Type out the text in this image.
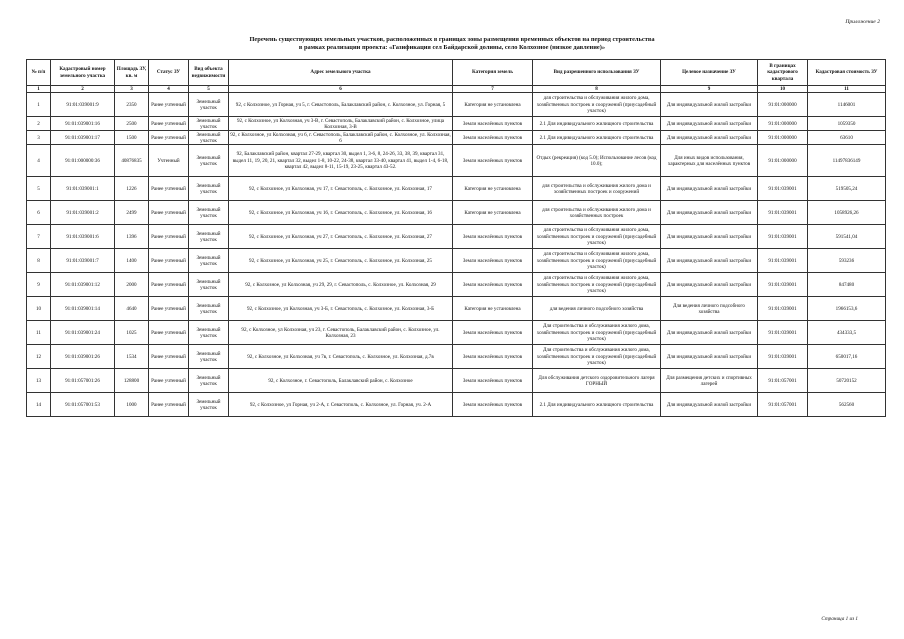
Приложение 2
Перечень существующих земельных участков, расположенных в границах зоны размещения временных объектов на период строительства
в рамках реализации проекта: «Газификация сел Байдарской долины, село Колхозное (низкое давление)»
№ п/п	Кадастровый номер земельного участка	Площадь ЗУ, кв. м	Статус ЗУ	Вид объекта недвижимости	Адрес земельного участка	Категория земель	Вид разрешенного использования ЗУ	Целевое назначение ЗУ	В границах кадастрового квартала	Кадастровая стоимость ЗУ
1	2	3	4	5	6	7	8	9	10	11
1	91:01:039001:9	2350	Ранее учтенный	Земельный участок	92, с Колхозное, ул Горная, уч 5, г. Севастополь, Балаклавский район, с. Колхозное, ул. Горная, 5	Категория не установлена	для строительства и обслуживания жилого дома, хозяйственных построек и сооружений (приусадебный участок)	Для индивидуальной жилой застройки	91:01:000000	1146001
2	91:01:039001:16	2500	Ранее учтенный	Земельный участок	92, с Колхозное, ул Колхозная, уч 3-В, г. Севастополь, Балаклавский район, с. Колхозное, улица Колхозная, 3-В	Земли населённых пунктов	2.1 Для индивидуального жилищного строительства	Для индивидуальной жилой застройки	91:01:000000	1059350
3	91:01:039001:17	1500	Ранее учтенный	Земельный участок	92, с Колхозное, ул Колхозная, уч 6, г. Севастополь, Балаклавский район, с. Колхозное, ул. Колхозная, 6	Земли населённых пунктов	2.1 Для индивидуального жилищного строительства	Для индивидуальной жилой застройки	91:01:000000	63610
4	91:01:000000:36	40876835	Учтенный	Земельный участок	92, Балаклавский район, квартал 27-29, квартал 30, выдел 1, 3-6, 8, 24-26, 33, 38, 39, квартал 31, выдел 11, 19, 20, 21, квартал 32, выдел 1-8, 10-22, 24-38, квартал 33-40, квартал 41, выдел 1-4, 6-18, квартал 42, выдел 8-11, 15-19, 23-25, квартал 43-52.	Земли населённых пунктов	Отдых (рекреация) (код 5.0); Использование лесов (код 10.0);	Для иных видов использования, характерных для населённых пунктов	91:01:000000	11497836149
5	91:01:039001:1	1226	Ранее учтенный	Земельный участок	92, с Колхозное, ул Колхозная, уч 17, г. Севастополь, с. Колхозное, ул. Колхозная, 17	Категория не установлена	для строительства и обслуживания жилого дома и хозяйственных построек и сооружений	Для индивидуальной жилой застройки	91:01:039001	519505,24
6	91:01:039001:2	2499	Ранее учтенный	Земельный участок	92, с Колхозное, ул Колхозная, уч 16, г. Севастополь, с. Колхозное, ул. Колхозная, 16	Категория не установлена	для строительства и обслуживания жилого дома и хозяйственных построек	Для индивидуальной жилой застройки	91:01:039001	1058926,26
7	91:01:039001:6	1396	Ранее учтенный	Земельный участок	92, с Колхозное, ул Колхозная, уч 27, г. Севастополь, с. Колхозное, ул. Колхозная, 27	Земли населённых пунктов	для строительства и обслуживания жилого дома, хозяйственных построек и сооружений (приусадебный участок)	Для индивидуальной жилой застройки	91:01:039001	591541,04
8	91:01:039001:7	1400	Ранее учтенный	Земельный участок	92, с Колхозное, ул Колхозная, уч 25, г. Севастополь, с. Колхозное, ул. Колхозная, 25	Земли населённых пунктов	для строительства и обслуживания жилого дома, хозяйственных построек и сооружений (приусадебный участок)	Для индивидуальной жилой застройки	91:01:039001	593236
9	91:01:039001:12	2000	Ранее учтенный	Земельный участок	92, с Колхозное, ул Колхозная, уч 29, 29, г. Севастополь, с. Колхозное, ул. Колхозная, 29	Земли населённых пунктов	для строительства и обслуживания жилого дома, хозяйственных построек и сооружений (приусадебный участок)	Для индивидуальной жилой застройки	91:01:039001	847480
10	91:01:039001:14	4640	Ранее учтенный	Земельный участок	92, с Колхозное, ул Колхозная, уч 3-Б, г. Севастополь, с. Колхозное, ул. Колхозная, 3-Б	Категория не установлена	для ведения личного подсобного хозяйства	Для ведения личного подсобного хозяйства	91:01:039001	1966153,6
11	91:01:039001:24	1025	Ранее учтенный	Земельный участок	92, с Колхозное, ул Колхозная, уч 23, г. Севастополь, Балаклавский район, с. Колхозное, ул. Колхозная, 23	Земли населённых пунктов	Для строительства и обслуживания жилого дома, хозяйственных построек и сооружений (приусадебный участок)	Для индивидуальной жилой застройки	91:01:039001	434333,5
12	91:01:039001:26	1534	Ранее учтенный	Земельный участок	92, с Колхозное, ул Колхозная, уч 7в, г. Севастополь, с. Колхозное, ул. Колхозная, д.7в	Земли населённых пунктов	Для строительства и обслуживания жилого дома, хозяйственных построек и сооружений (приусадебный участок)	Для индивидуальной жилой застройки	91:01:039001	650017,16
13	91:01:057001:26	128800	Ранее учтенный	Земельный участок	92, с Колхозное, г. Севастополь, Балаклавский район, с. Колхозное	Земли населённых пунктов	Для обслуживания детского оздоровительного лагеря ГОРНЫЙ	Для размещения детских и спортивных лагерей	91:01:057001	50720152
14	91:01:057001:53	1000	Ранее учтенный	Земельный участок	92, с Колхозное, ул Горная, уч 2-А, г. Севастополь, с. Колхозное, ул. Горная, уч. 2-А	Земли населённых пунктов	2.1 Для индивидуального жилищного строительства	Для индивидуальной жилой застройки	91:01:057001	562560
Страница 1 из 1
